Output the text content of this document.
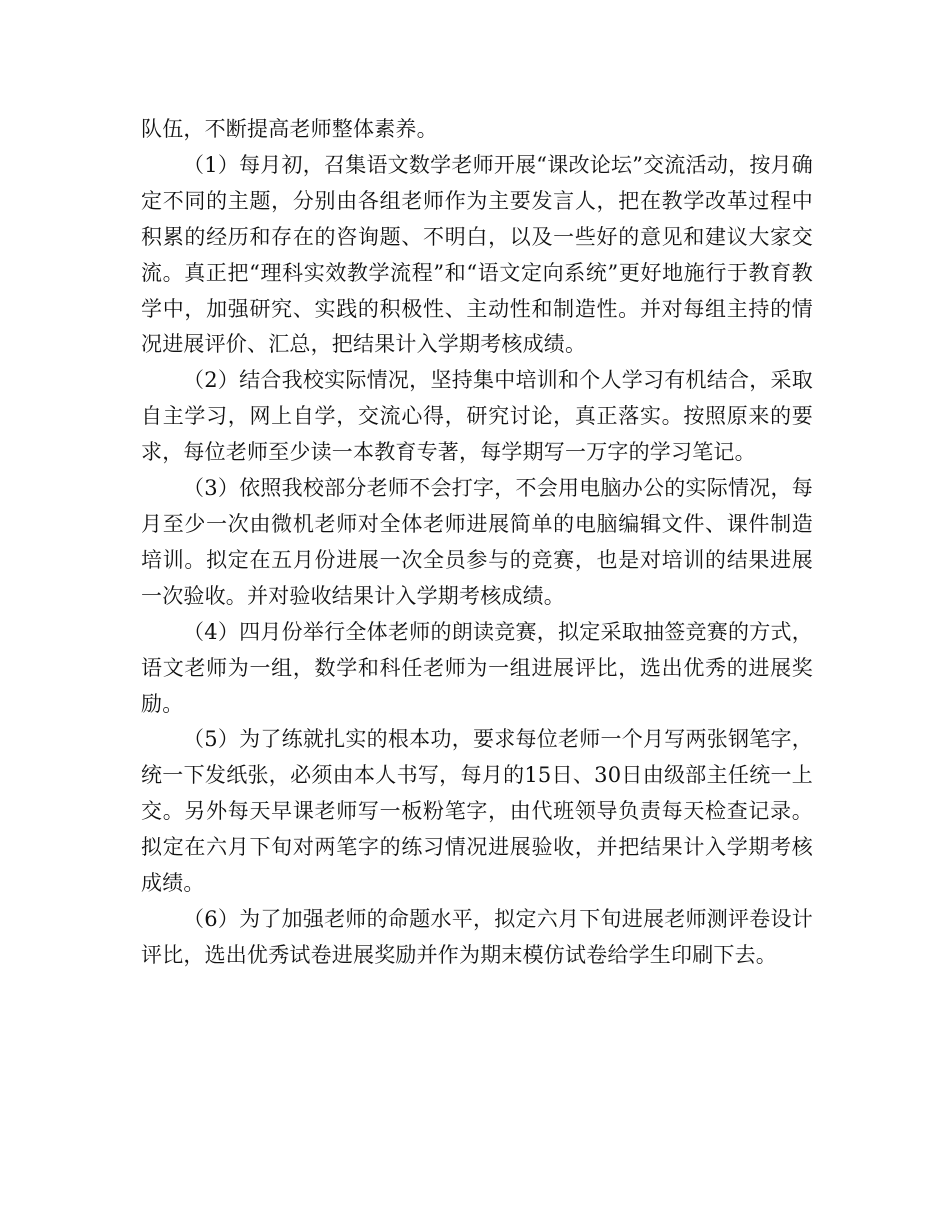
队伍，不断提高老师整体素养。

（1）每月初，召集语文数学老师开展“课改论坛”交流活动，按月确定不同的主题，分别由各组老师作为主要发言人，把在教学改革过程中积累的经历和存在的咨询题、不明白，以及一些好的意见和建议大家交流。真正把“理科实效教学流程”和“语文定向系统”更好地施行于教育教学中，加强研究、实践的积极性、主动性和制造性。并对每组主持的情况进展评价、汇总，把结果计入学期考核成绩。

（2）结合我校实际情况，坚持集中培训和个人学习有机结合，采取自主学习，网上自学，交流心得，研究讨论，真正落实。按照原来的要求，每位老师至少读一本教育专著，每学期写一万字的学习笔记。

（3）依照我校部分老师不会打字，不会用电脑办公的实际情况，每月至少一次由微机老师对全体老师进展简单的电脑编辑文件、课件制造培训。拟定在五月份进展一次全员参与的竞赛，也是对培训的结果进展一次验收。并对验收结果计入学期考核成绩。

（4）四月份举行全体老师的朗读竞赛，拟定采取抽签竞赛的方式，语文老师为一组，数学和科任老师为一组进展评比，选出优秀的进展奖励。

（5）为了练就扎实的根本功，要求每位老师一个月写两张钢笔字，统一下发纸张，必须由本人书写，每月的15日、30日由级部主任统一上交。另外每天早课老师写一板粉笔字，由代班领导负责每天检查记录。拟定在六月下旬对两笔字的练习情况进展验收，并把结果计入学期考核成绩。

（6）为了加强老师的命题水平，拟定六月下旬进展老师测评卷设计评比，选出优秀试卷进展奖励并作为期末模仿试卷给学生印刷下去。
